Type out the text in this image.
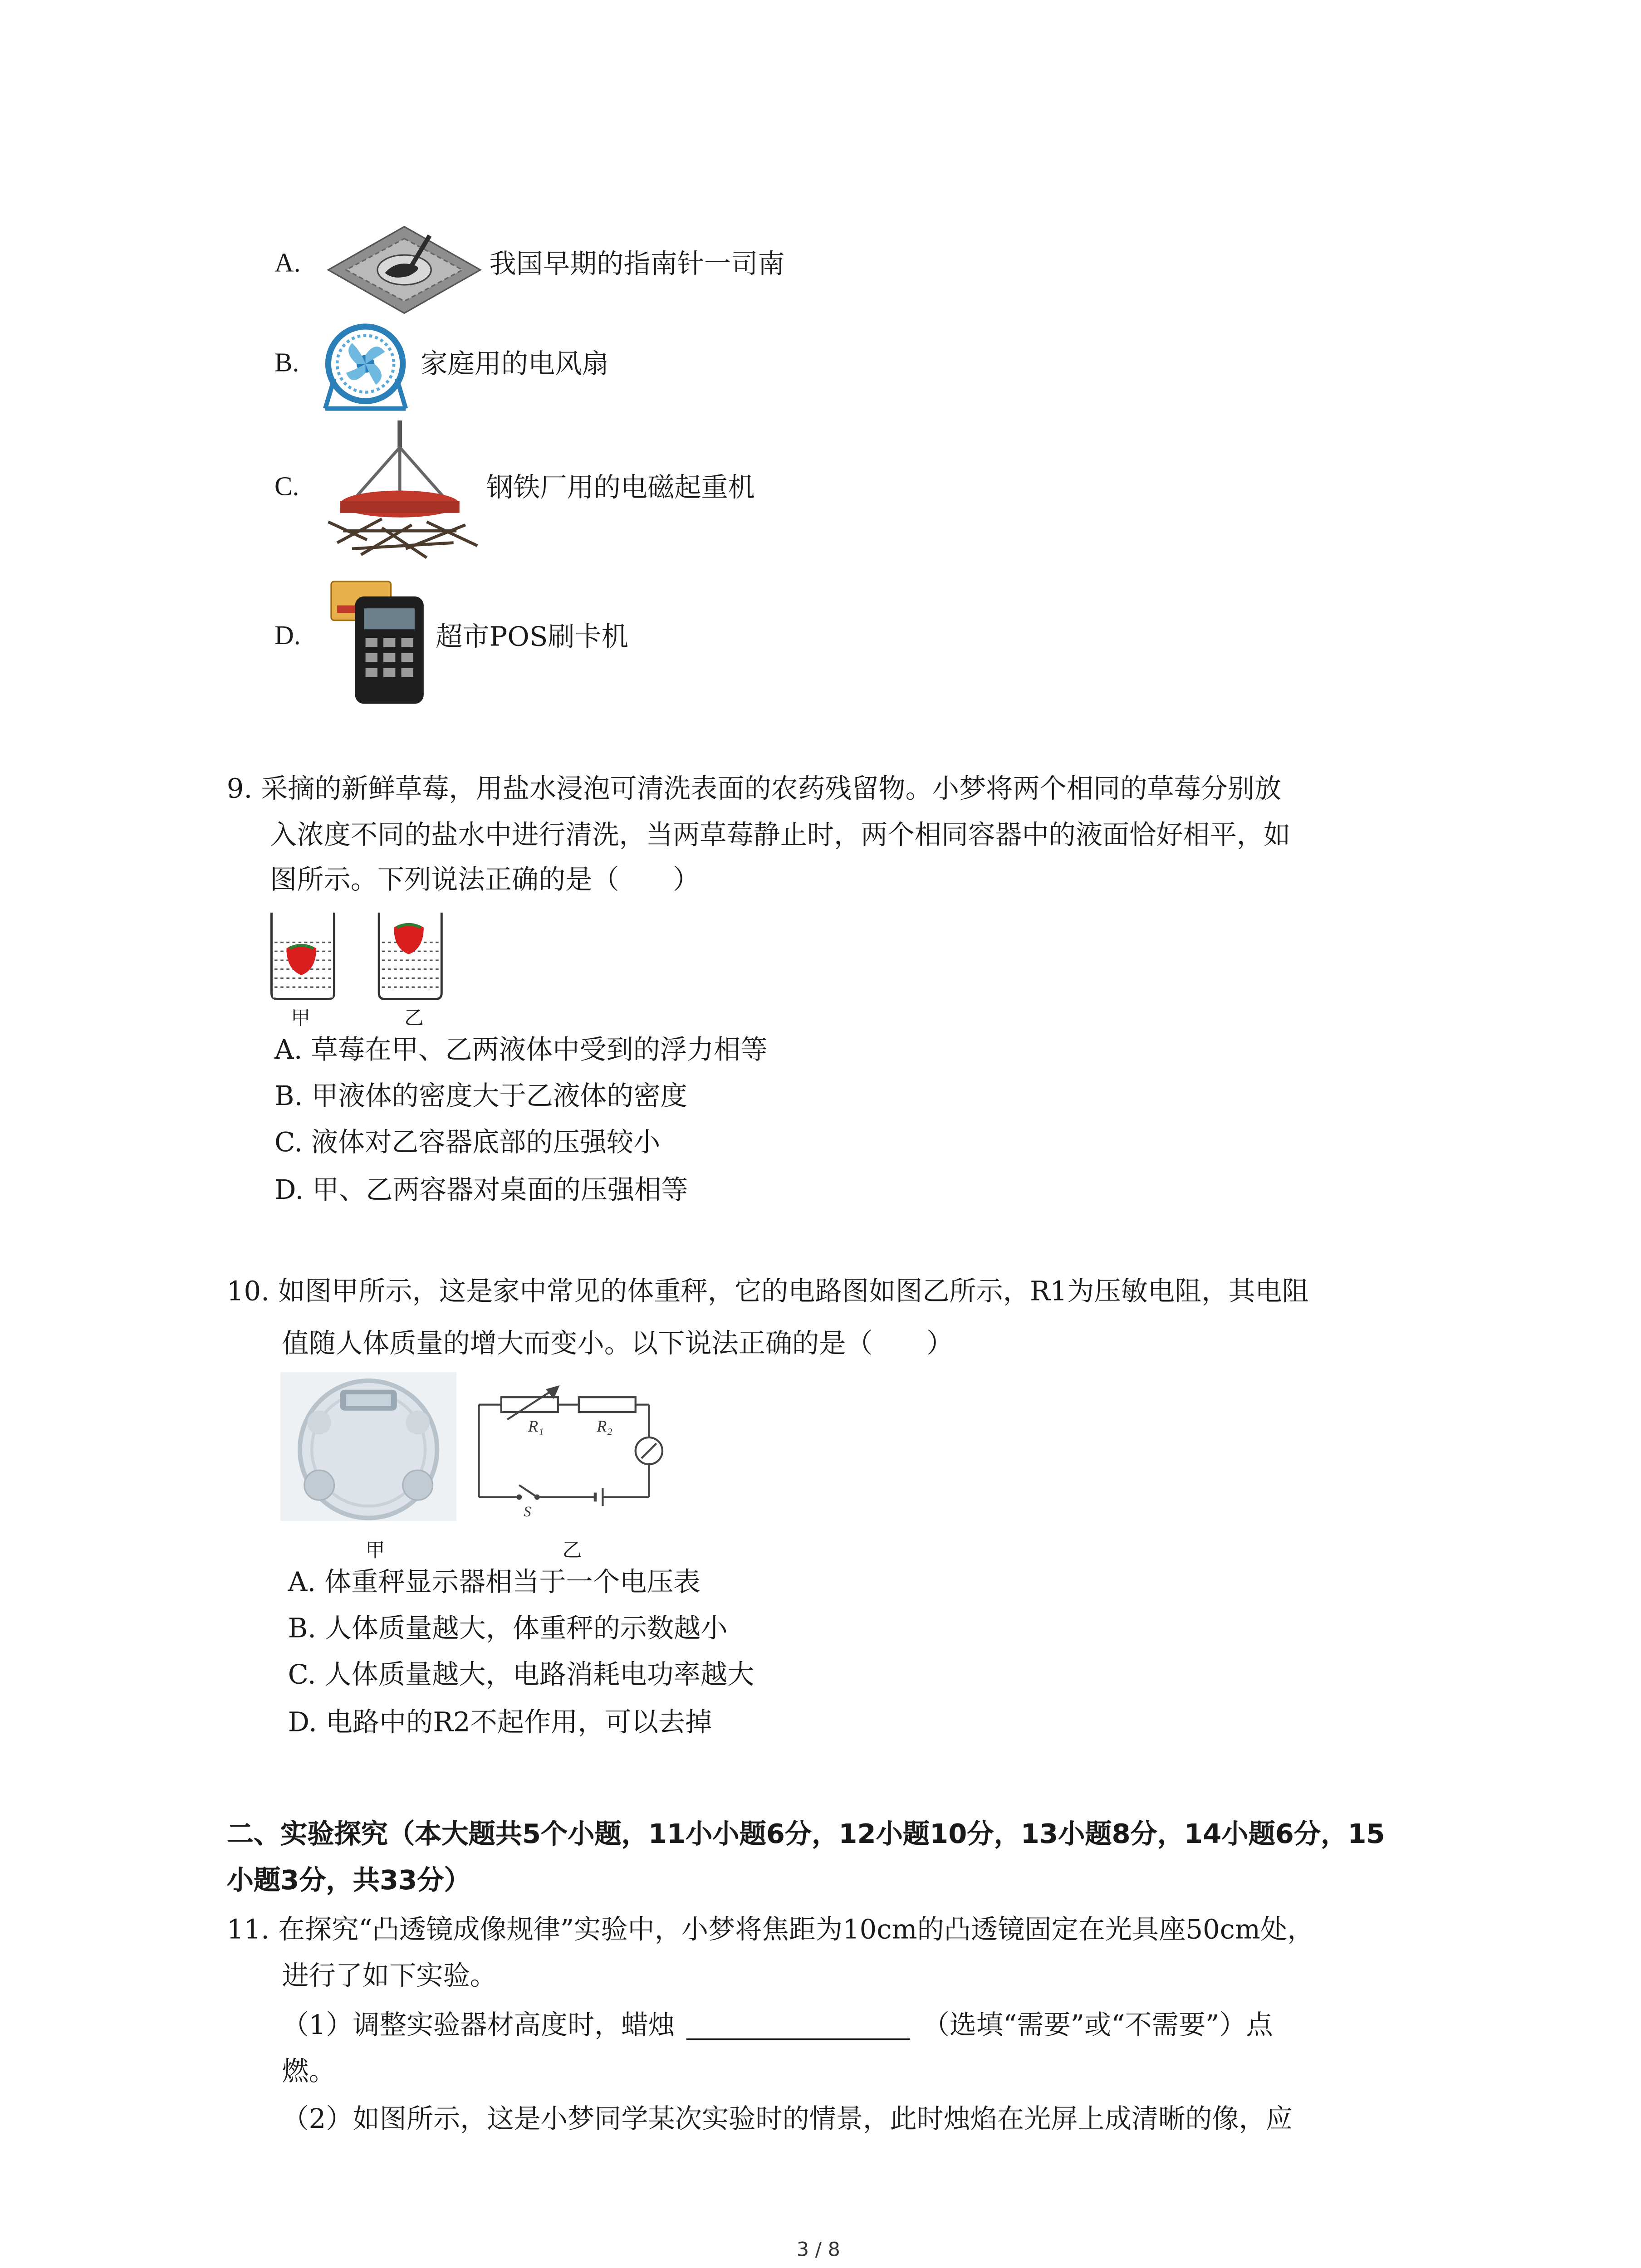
A.	我国早期的指南针一司南
B.	家庭用的电风扇
C.	钢铁厂用的电磁起重机
D.	超市POS刷卡机
9. 采摘的新鲜草莓，用盐水浸泡可清洗表面的农药残留物。小梦将两个相同的草莓分别放
入浓度不同的盐水中进行清洗，当两草莓静止时，两个相同容器中的液面恰好相平，如
图所示。下列说法正确的是（　　）
甲	乙
A. 草莓在甲、乙两液体中受到的浮力相等
B. 甲液体的密度大于乙液体的密度
C. 液体对乙容器底部的压强较小
D. 甲、乙两容器对桌面的压强相等
10. 如图甲所示，这是家中常见的体重秤，它的电路图如图乙所示，R1为压敏电阻，其电阻
值随人体质量的增大而变小。以下说法正确的是（　　）
R₁	R₂
S
甲	乙
A. 体重秤显示器相当于一个电压表
B. 人体质量越大，体重秤的示数越小
C. 人体质量越大，电路消耗电功率越大
D. 电路中的R2不起作用，可以去掉
二、实验探究（本大题共5个小题，11小小题6分，12小题10分，13小题8分，14小题6分，15
小题3分，共33分）
11. 在探究“凸透镜成像规律”实验中，小梦将焦距为10cm的凸透镜固定在光具座50cm处，
进行了如下实验。
（1）调整实验器材高度时，蜡烛	（选填“需要”或“不需要”）点
燃。
（2）如图所示，这是小梦同学某次实验时的情景，此时烛焰在光屏上成清晰的像，应
3 / 8
